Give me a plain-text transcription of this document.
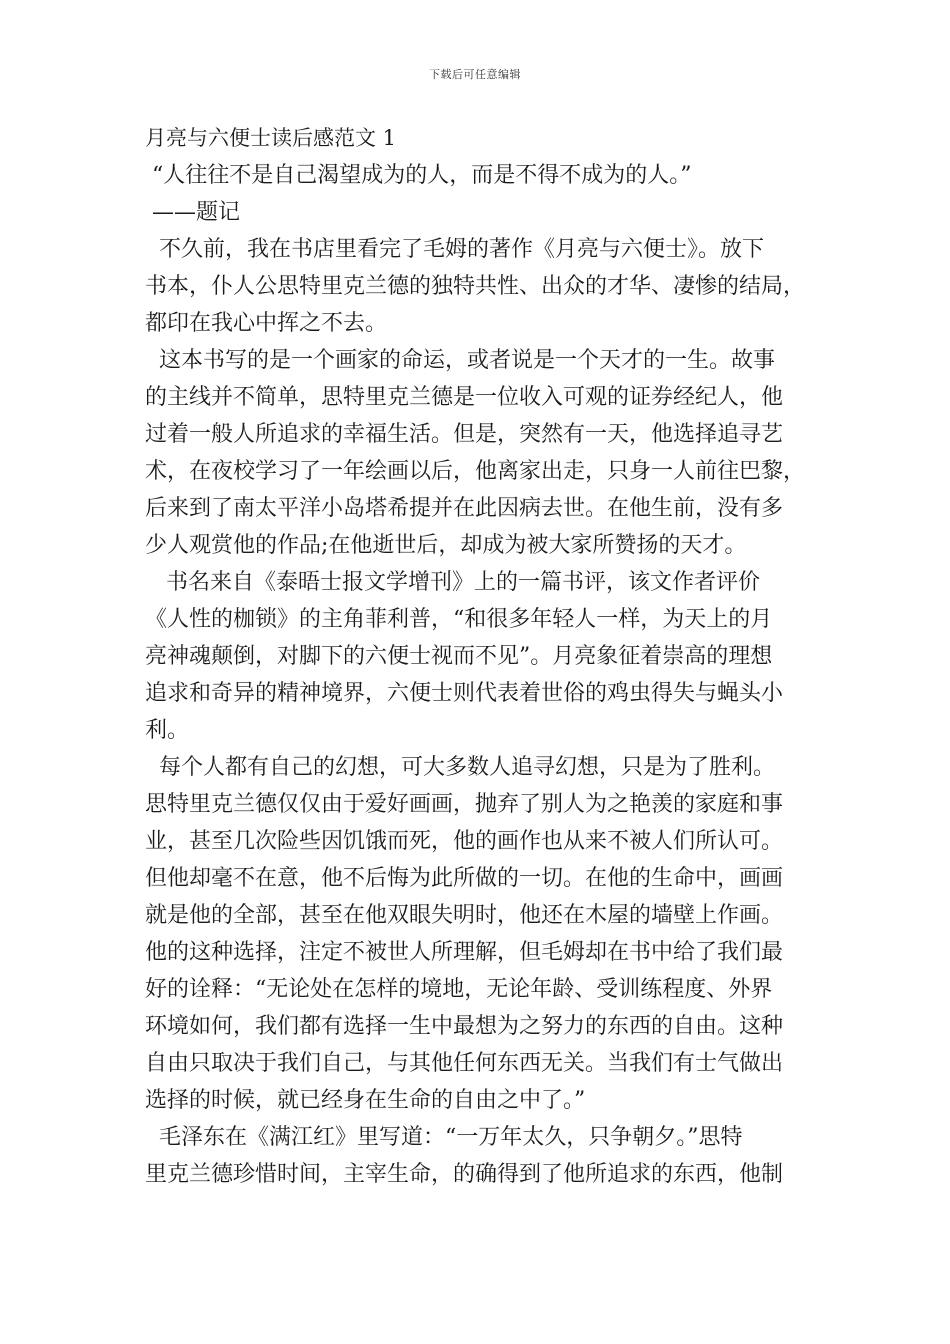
下载后可任意编辑
月亮与六便士读后感范文 1
“人往往不是自己渴望成为的人，而是不得不成为的人。”
——题记
不久前，我在书店里看完了毛姆的著作《月亮与六便士》。放下
书本，仆人公思特里克兰德的独特共性、出众的才华、凄惨的结局，
都印在我心中挥之不去。
这本书写的是一个画家的命运，或者说是一个天才的一生。故事
的主线并不简单，思特里克兰德是一位收入可观的证券经纪人，他
过着一般人所追求的幸福生活。但是，突然有一天，他选择追寻艺
术，在夜校学习了一年绘画以后，他离家出走，只身一人前往巴黎，
后来到了南太平洋小岛塔希提并在此因病去世。在他生前，没有多
少人观赏他的作品;在他逝世后，却成为被大家所赞扬的天才。
书名来自《泰晤士报文学增刊》上的一篇书评，该文作者评价
《人性的枷锁》的主角菲利普，“和很多年轻人一样，为天上的月
亮神魂颠倒，对脚下的六便士视而不见”。月亮象征着崇高的理想
追求和奇异的精神境界，六便士则代表着世俗的鸡虫得失与蝇头小
利。
每个人都有自己的幻想，可大多数人追寻幻想，只是为了胜利。
思特里克兰德仅仅由于爱好画画，抛弃了别人为之艳羡的家庭和事
业，甚至几次险些因饥饿而死，他的画作也从来不被人们所认可。
但他却毫不在意，他不后悔为此所做的一切。在他的生命中，画画
就是他的全部，甚至在他双眼失明时，他还在木屋的墙壁上作画。
他的这种选择，注定不被世人所理解，但毛姆却在书中给了我们最
好的诠释：“无论处在怎样的境地，无论年龄、受训练程度、外界
环境如何，我们都有选择一生中最想为之努力的东西的自由。这种
自由只取决于我们自己，与其他任何东西无关。当我们有士气做出
选择的时候，就已经身在生命的自由之中了。”
毛泽东在《满江红》里写道：“一万年太久，只争朝夕。”思特
里克兰德珍惜时间，主宰生命，的确得到了他所追求的东西，他制
